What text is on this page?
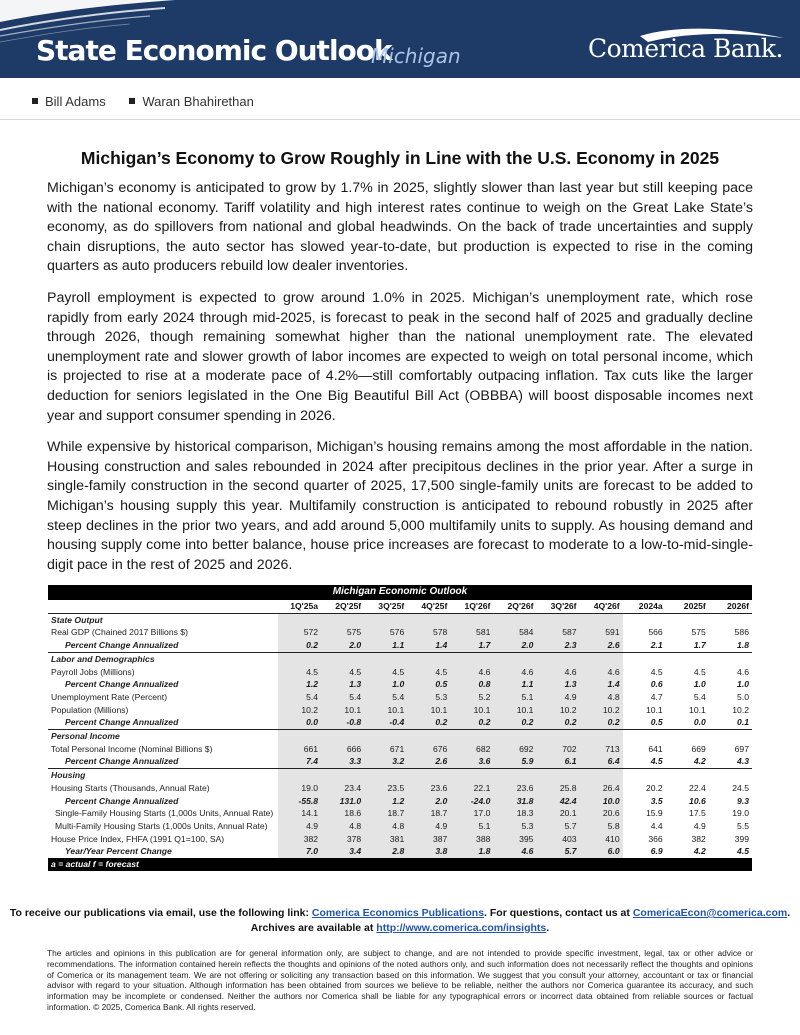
State Economic Outlook
Michigan	Comerica Bank.
Bill Adams	Waran Bhahirethan
Michigan’s Economy to Grow Roughly in Line with the U.S. Economy in 2025

Michigan’s economy is anticipated to grow by 1.7% in 2025, slightly slower than last year but still keeping pace with the national economy. Tariff volatility and high interest rates continue to weigh on the Great Lake State’s economy, as do spillovers from national and global headwinds. On the back of trade uncertainties and supply chain disruptions, the auto sector has slowed year-to-date, but production is expected to rise in the coming quarters as auto producers rebuild low dealer inventories.

Payroll employment is expected to grow around 1.0% in 2025. Michigan’s unemployment rate, which rose rapidly from early 2024 through mid-2025, is forecast to peak in the second half of 2025 and gradually decline through 2026, though remaining somewhat higher than the national unemployment rate. The elevated unemployment rate and slower growth of labor incomes are expected to weigh on total personal income, which is projected to rise at a moderate pace of 4.2%—still comfortably outpacing inflation. Tax cuts like the larger deduction for seniors legislated in the One Big Beautiful Bill Act (OBBBA) will boost disposable incomes next year and support consumer spending in 2026.

While expensive by historical comparison, Michigan’s housing remains among the most affordable in the nation. Housing construction and sales rebounded in 2024 after precipitous declines in the prior year. After a surge in single-family construction in the second quarter of 2025, 17,500 single-family units are forecast to be added to Michigan’s housing supply this year. Multifamily construction is anticipated to rebound robustly in 2025 after steep declines in the prior two years, and add around 5,000 multifamily units to supply. As housing demand and housing supply come into better balance, house price increases are forecast to moderate to a low-to-mid-single-digit pace in the rest of 2025 and 2026.

Michigan Economic Outlook											
	1Q'25a	2Q'25f	3Q'25f	4Q'25f	1Q'26f	2Q'26f	3Q'26f	4Q'26f	2024a	2025f	2026f
State Output											
Real GDP (Chained 2017 Billions $)	572	575	576	578	581	584	587	591	566	575	586
Percent Change Annualized	0.2	2.0	1.1	1.4	1.7	2.0	2.3	2.6	2.1	1.7	1.8
Labor and Demographics											
Payroll Jobs (Millions)	4.5	4.5	4.5	4.5	4.6	4.6	4.6	4.6	4.5	4.5	4.6
Percent Change Annualized	1.2	1.3	1.0	0.5	0.8	1.1	1.3	1.4	0.6	1.0	1.0
Unemployment Rate (Percent)	5.4	5.4	5.4	5.3	5.2	5.1	4.9	4.8	4.7	5.4	5.0
Population (Millions)	10.2	10.1	10.1	10.1	10.1	10.1	10.2	10.2	10.1	10.1	10.2
Percent Change Annualized	0.0	-0.8	-0.4	0.2	0.2	0.2	0.2	0.2	0.5	0.0	0.1
Personal Income											
Total Personal Income (Nominal Billions $)	661	666	671	676	682	692	702	713	641	669	697
Percent Change Annualized	7.4	3.3	3.2	2.6	3.6	5.9	6.1	6.4	4.5	4.2	4.3
Housing											
Housing Starts (Thousands, Annual Rate)	19.0	23.4	23.5	23.6	22.1	23.6	25.8	26.4	20.2	22.4	24.5
Percent Change Annualized	-55.8	131.0	1.2	2.0	-24.0	31.8	42.4	10.0	3.5	10.6	9.3
Single-Family Housing Starts (1,000s Units, Annual Rate)	14.1	18.6	18.7	18.7	17.0	18.3	20.1	20.6	15.9	17.5	19.0
Multi-Family Housing Starts (1,000s Units, Annual Rate)	4.9	4.8	4.8	4.9	5.1	5.3	5.7	5.8	4.4	4.9	5.5
House Price Index, FHFA (1991 Q1=100, SA)	382	378	381	387	388	395	403	410	366	382	399
Year/Year Percent Change	7.0	3.4	2.8	3.8	1.8	4.6	5.7	6.0	6.9	4.2	4.5
a = actual f = forecast											
To receive our publications via email, use the following link: Comerica Economics Publications. For questions, contact us at ComericaEcon@comerica.com.
Archives are available at http://www.comerica.com/insights.
The articles and opinions in this publication are for general information only, are subject to change, and are not intended to provide specific investment, legal, tax or other advice or recommendations. The information contained herein reflects the thoughts and opinions of the noted authors only, and such information does not necessarily reflect the thoughts and opinions of Comerica or its management team. We are not offering or soliciting any transaction based on this information. We suggest that you consult your attorney, accountant or tax or financial advisor with regard to your situation. Although information has been obtained from sources we believe to be reliable, neither the authors nor Comerica guarantee its accuracy, and such information may be incomplete or condensed. Neither the authors nor Comerica shall be liable for any typographical errors or incorrect data obtained from reliable sources or factual information. © 2025, Comerica Bank. All rights reserved.
